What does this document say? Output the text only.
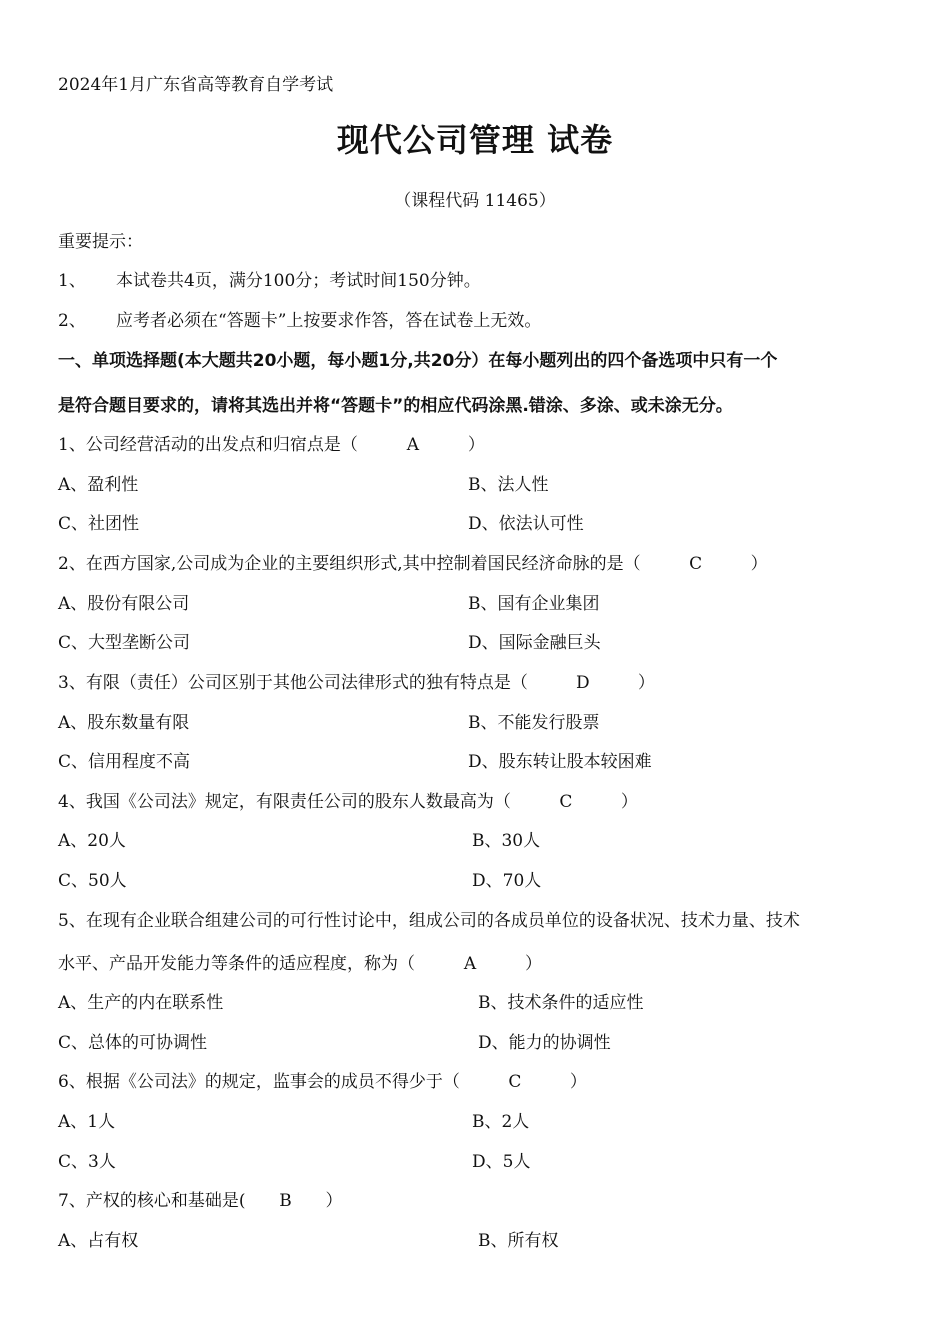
2024年1月广东省高等教育自学考试
现代公司管理 试卷
（课程代码 11465）
重要提示：
1、 本试卷共4页，满分100分；考试时间150分钟。
2、 应考者必须在“答题卡”上按要求作答，答在试卷上无效。
一、单项选择题(本大题共20小题，每小题1分,共20分）在每小题列出的四个备选项中只有一个
是符合题目要求的，请将其选出并将“答题卡”的相应代码涂黑.错涂、多涂、或未涂无分。
1、公司经营活动的出发点和归宿点是（	A	）
A、盈利性	B、法人性
C、社团性	D、依法认可性
2、在西方国家,公司成为企业的主要组织形式,其中控制着国民经济命脉的是（	C	）
A、股份有限公司	B、国有企业集团
C、大型垄断公司	D、国际金融巨头
3、有限（责任）公司区别于其他公司法律形式的独有特点是（	D	）
A、股东数量有限	B、不能发行股票
C、信用程度不高	D、股东转让股本较困难
4、我国《公司法》规定，有限责任公司的股东人数最高为（	C	）
A、20人	B、30人
C、50人	D、70人
5、在现有企业联合组建公司的可行性讨论中，组成公司的各成员单位的设备状况、技术力量、技术
水平、产品开发能力等条件的适应程度，称为（	A	）
A、生产的内在联系性	B、技术条件的适应性
C、总体的可协调性	D、能力的协调性
6、根据《公司法》的规定，监事会的成员不得少于（	C	）
A、1人	B、2人
C、3人	D、5人
7、产权的核心和基础是( B ）
A、占有权	B、所有权
